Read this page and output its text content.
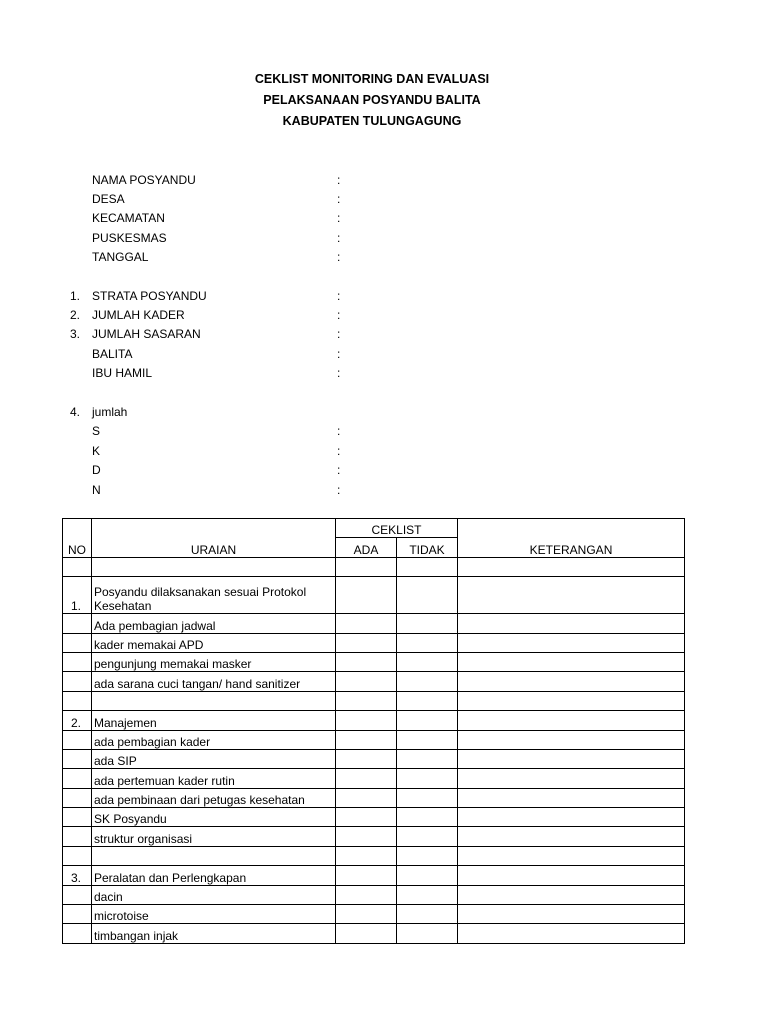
CEKLIST MONITORING DAN EVALUASI
PELAKSANAAN POSYANDU BALITA
KABUPATEN TULUNGAGUNG
NAMA POSYANDU	:
DESA	:
KECAMATAN	:
PUSKESMAS	:
TANGGAL	:
1. STRATA POSYANDU	:
2. JUMLAH KADER	:
3. JUMLAH SASARAN	:
BALITA	:
IBU HAMIL	:
4. jumlah
S	:
K	:
D	:
N	:
NO	URAIAN	CEKLIST		KETERANGAN
		ADA	TIDAK	

1.	Posyandu dilaksanakan sesuai Protokol Kesehatan			
	Ada pembagian jadwal			
	kader memakai APD			
	pengunjung memakai masker			
	ada sarana cuci tangan/ hand sanitizer			

2.	Manajemen			
	ada pembagian kader			
	ada SIP			
	ada pertemuan kader rutin			
	ada pembinaan dari petugas kesehatan			
	SK Posyandu			
	struktur organisasi			

3.	Peralatan dan Perlengkapan			
	dacin			
	microtoise			
	timbangan injak			
